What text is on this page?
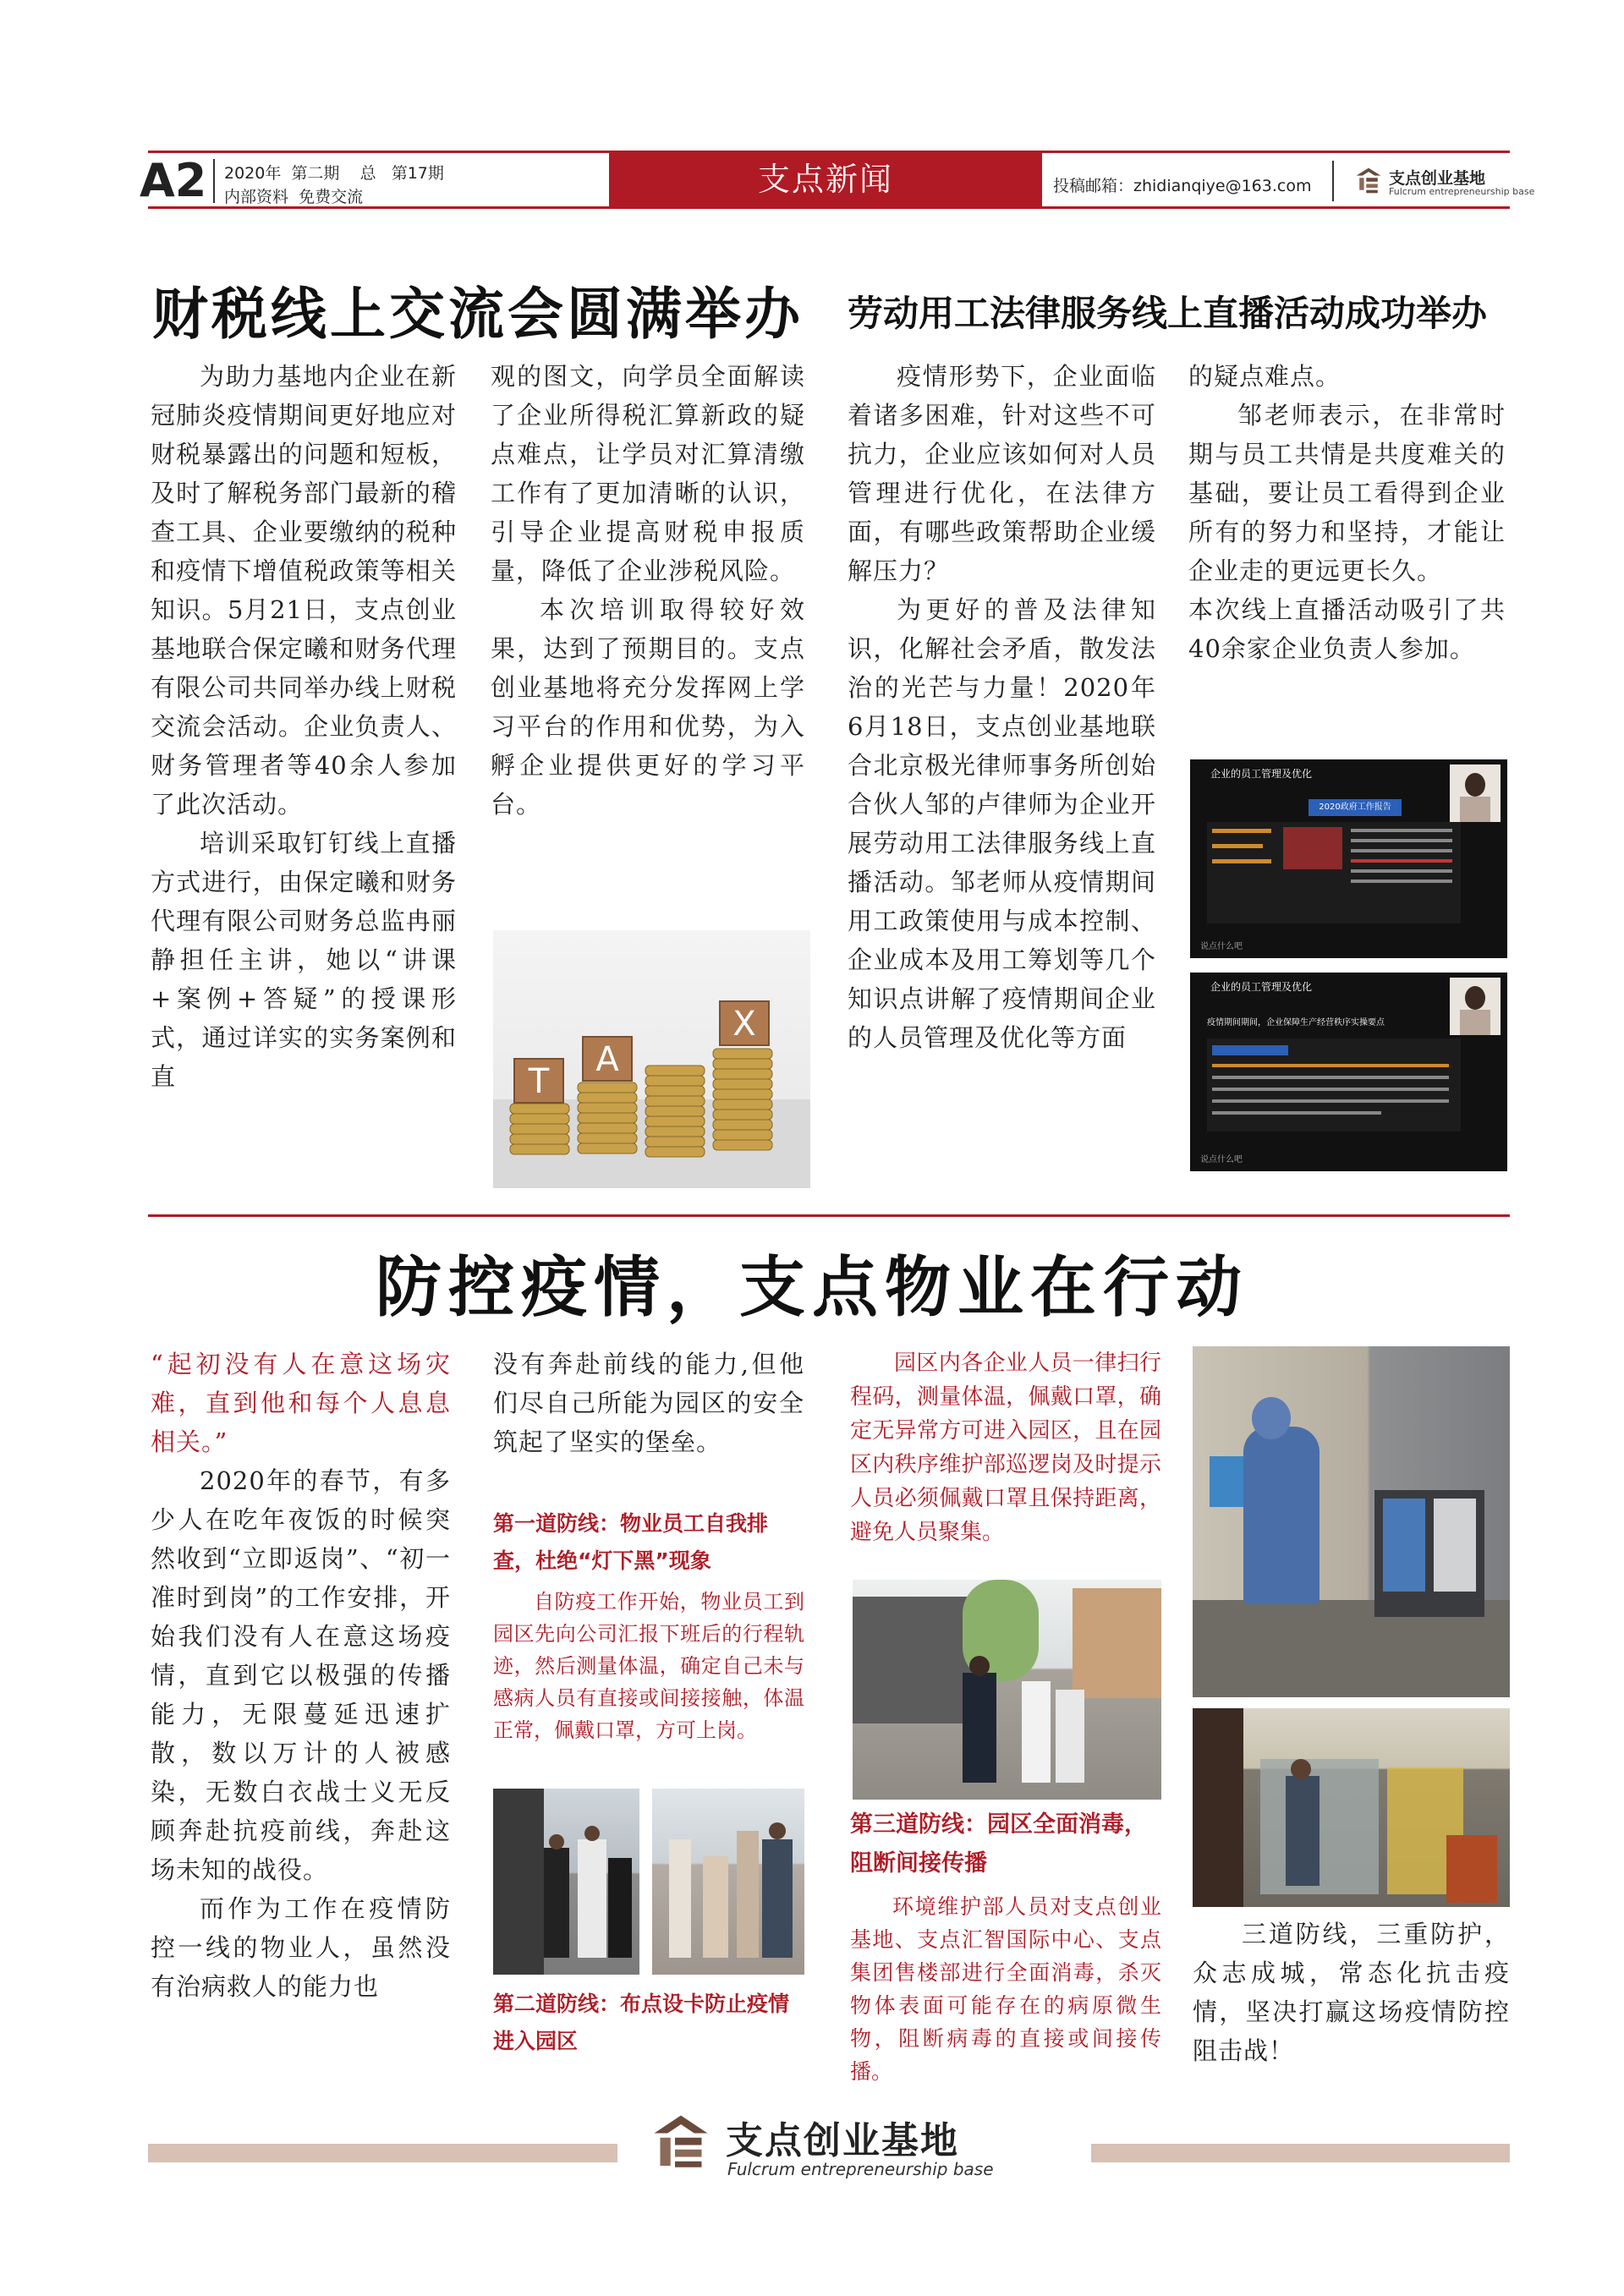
A2 2020年  第二期    总   第17期
内部资料  免费交流	支点新闻	投稿邮箱：zhidianqiye@163.com	支点创业基地
Fulcrum entrepreneurship base
财税线上交流会圆满举办

为助力基地内企业在新冠肺炎疫情期间更好地应对财税暴露出的问题和短板，及时了解税务部门最新的稽查工具、企业要缴纳的税种和疫情下增值税政策等相关知识。5月21日，支点创业基地联合保定曦和财务代理有限公司共同举办线上财税交流会活动。企业负责人、财务管理者等40余人参加了此次活动。

培训采取钉钉线上直播方式进行，由保定曦和财务代理有限公司财务总监冉丽静担任主讲，她以“讲课+案例+答疑”的授课形式，通过详实的实务案例和直

观的图文，向学员全面解读了企业所得税汇算新政的疑点难点，让学员对汇算清缴工作有了更加清晰的认识，引导企业提高财税申报质量，降低了企业涉税风险。

本次培训取得较好效果，达到了预期目的。支点创业基地将充分发挥网上学习平台的作用和优势，为入孵企业提供更好的学习平台。

T
A
X
劳动用工法律服务线上直播活动成功举办

疫情形势下，企业面临着诸多困难，针对这些不可抗力，企业应该如何对人员管理进行优化，在法律方面，有哪些政策帮助企业缓解压力？

为更好的普及法律知识，化解社会矛盾，散发法治的光芒与力量！2020年6月18日，支点创业基地联合北京极光律师事务所创始合伙人邹的卢律师为企业开展劳动用工法律服务线上直播活动。邹老师从疫情期间用工政策使用与成本控制、企业成本及用工筹划等几个知识点讲解了疫情期间企业的人员管理及优化等方面

的疑点难点。

邹老师表示，在非常时期与员工共情是共度难关的基础，要让员工看得到企业所有的努力和坚持，才能让企业走的更远更长久。

本次线上直播活动吸引了共40余家企业负责人参加。

企业的员工管理及优化
2020政府工作报告
说点什么吧
企业的员工管理及优化
疫情期间期间，企业保障生产经营秩序实操要点
说点什么吧
防控疫情，支点物业在行动

“起初没有人在意这场灾难，直到他和每个人息息相关。”

2020年的春节，有多少人在吃年夜饭的时候突然收到“立即返岗”、“初一准时到岗”的工作安排，开始我们没有人在意这场疫情，直到它以极强的传播能力，无限蔓延迅速扩散，数以万计的人被感染，无数白衣战士义无反顾奔赴抗疫前线，奔赴这场未知的战役。

而作为工作在疫情防控一线的物业人，虽然没有治病救人的能力也

没有奔赴前线的能力,但他们尽自己所能为园区的安全筑起了坚实的堡垒。

第一道防线：物业员工自我排查，杜绝“灯下黑”现象

自防疫工作开始，物业员工到园区先向公司汇报下班后的行程轨迹，然后测量体温，确定自己未与感病人员有直接或间接接触，体温正常，佩戴口罩，方可上岗。

第二道防线：布点设卡防止疫情进入园区

园区内各企业人员一律扫行程码，测量体温，佩戴口罩，确定无异常方可进入园区，且在园区内秩序维护部巡逻岗及时提示人员必须佩戴口罩且保持距离，避免人员聚集。

第三道防线：园区全面消毒，阻断间接传播

环境维护部人员对支点创业基地、支点汇智国际中心、支点集团售楼部进行全面消毒，杀灭物体表面可能存在的病原微生物，阻断病毒的直接或间接传播。

三道防线，三重防护，众志成城，常态化抗击疫情，坚决打赢这场疫情防控阻击战！

支点创业基地
Fulcrum entrepreneurship base
